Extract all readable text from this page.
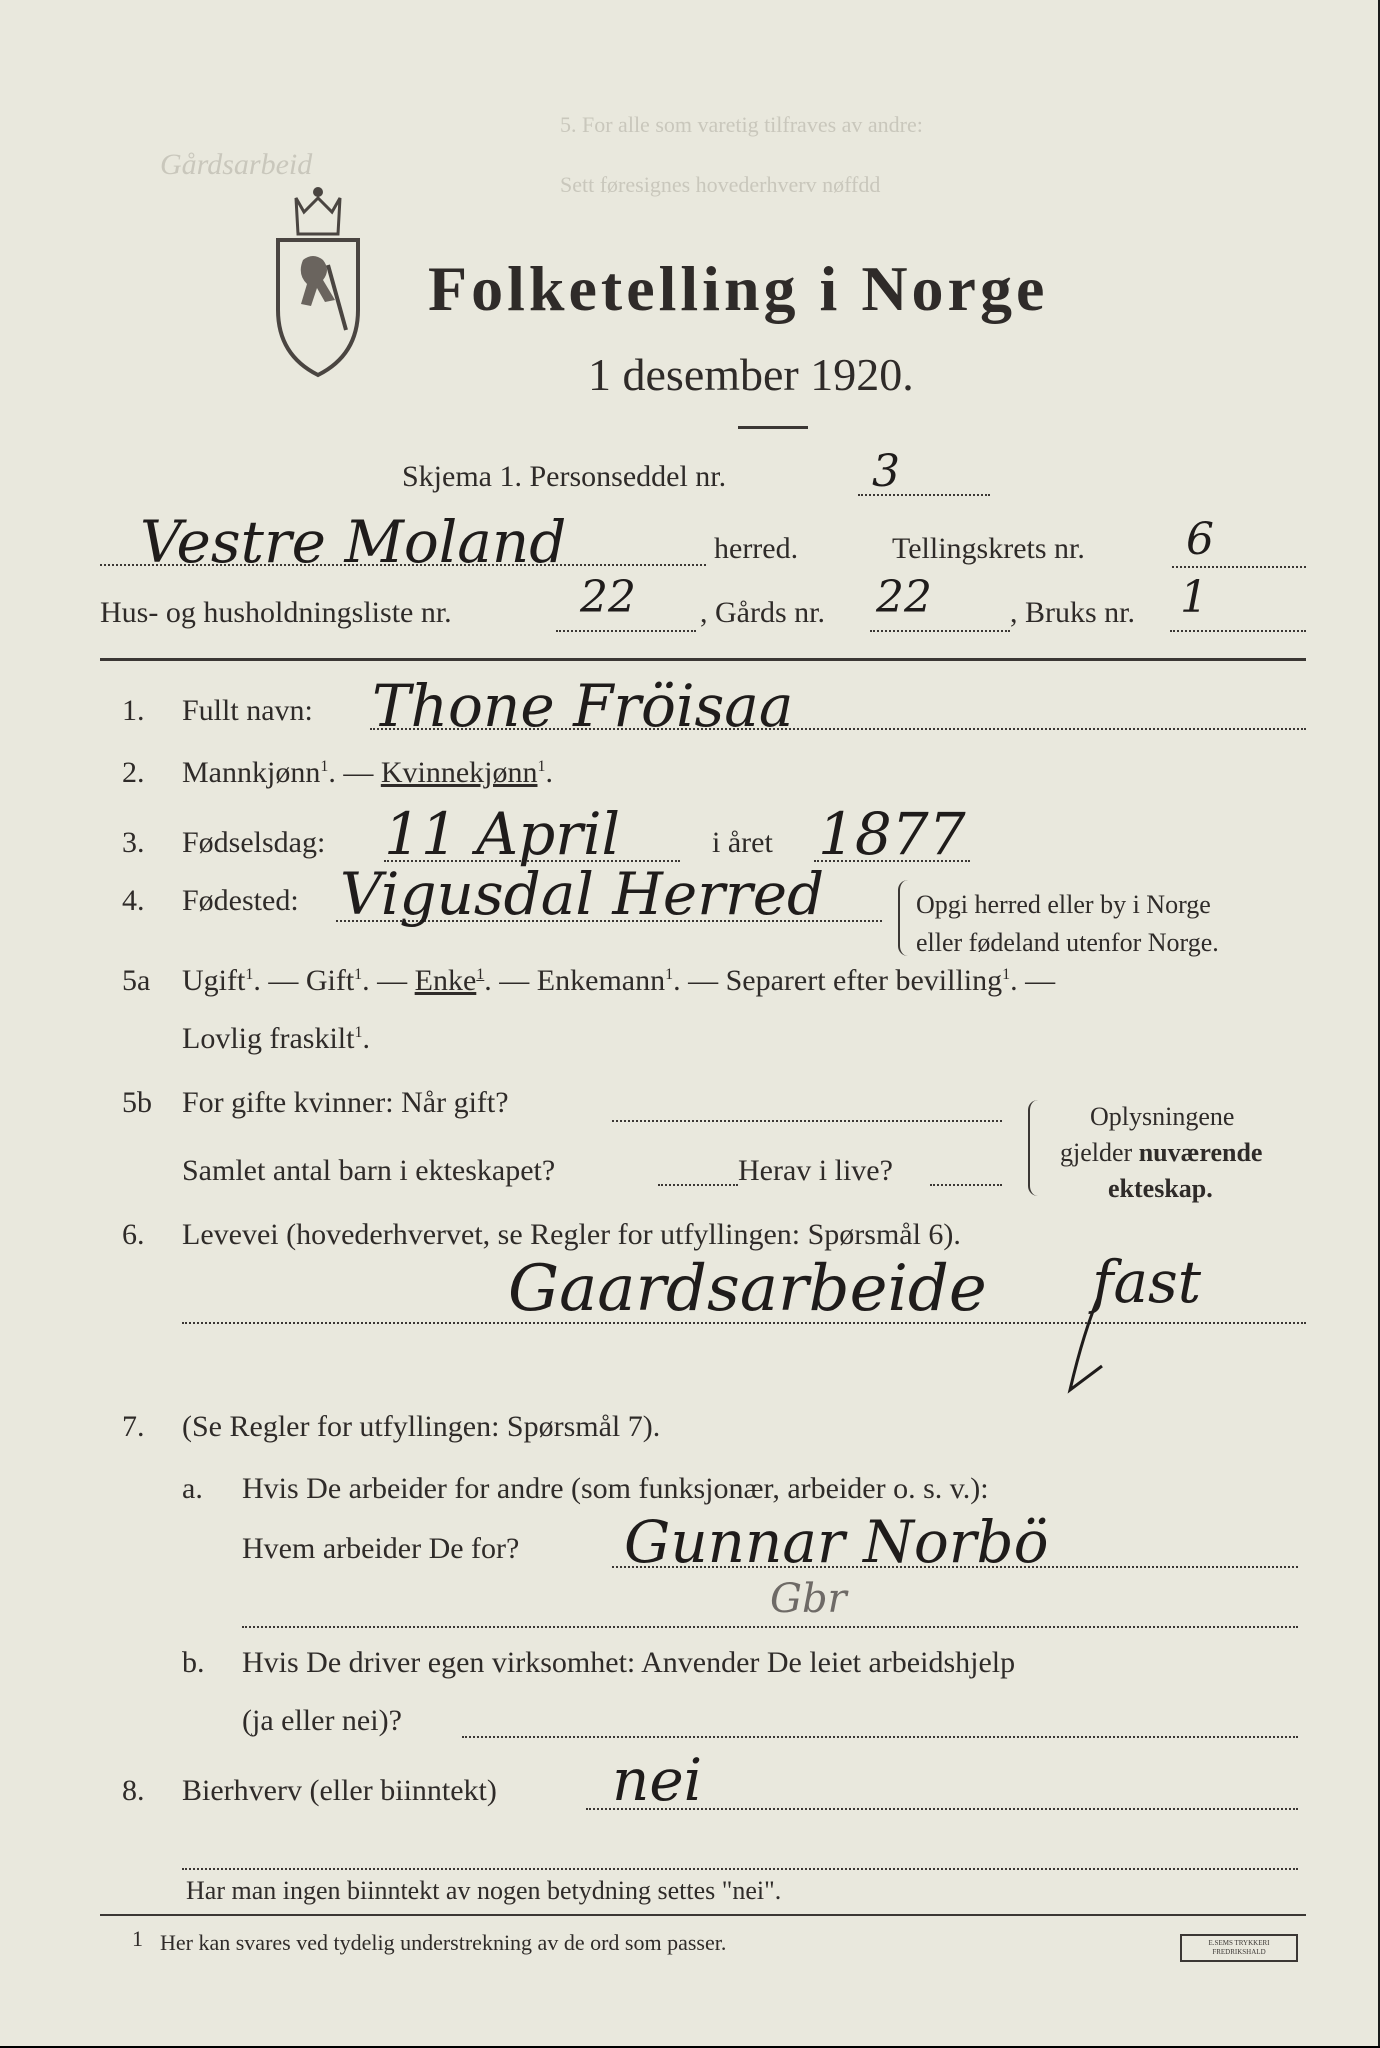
5. For alle som varetig tilfraves av andre:
Gårdsarbeid
Sett føresignes hovederhverv nøffdd
Folketelling i Norge
1 desember 1920.
Skjema 1. Personseddel nr.	3
Vestre Moland	herred.	Tellingskrets nr. 6
Hus- og husholdningsliste nr.	22 , Gårds nr. 22	, Bruks nr. 1
1. Fullt navn: Thone Fröisaa
2. Mannkjønn$^1$. — Kvinnekjønn$^1$.
3. Fødselsdag: 11 April	i året 1877
4. Fødested: Vigusdal Herred	Opgi herred eller by i Norge
eller fødeland utenfor Norge.
5a Ugift$^1$. — Gift$^1$. — Enke$^1$. — Enkemann$^1$. — Separert efter bevilling$^1$. —
Lovlig fraskilt$^1$.
5b For gifte kvinner: Når gift?
Samlet antal barn i ekteskapet?	Herav i live?
Oplysningene
gjelder nuværende
ekteskap.
6. Levevei (hovederhvervet, se Regler for utfyllingen: Spørsmål 6).
Gaardsarbeide fast
7. (Se Regler for utfyllingen: Spørsmål 7).
a. Hvis De arbeider for andre (som funksjonær, arbeider o. s. v.):
Hvem arbeider De for? Gunnar Norbö
Gbr
b. Hvis De driver egen virksomhet: Anvender De leiet arbeidshjelp
(ja eller nei)?
8. Bierhverv (eller biinntekt) nei
Har man ingen biinntekt av nogen betydning settes "nei".
1 Her kan svares ved tydelig understrekning av de ord som passer.	E.SEMS TRYKKERI FREDRIKSHALD
